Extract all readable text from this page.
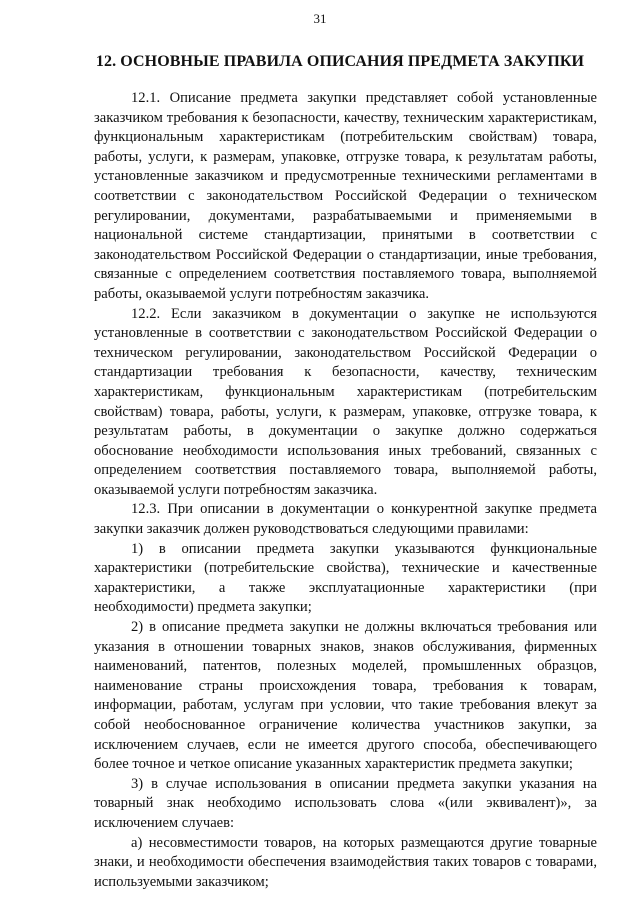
31
12. ОСНОВНЫЕ ПРАВИЛА ОПИСАНИЯ ПРЕДМЕТА ЗАКУПКИ

12.1. Описание предмета закупки представляет собой установленные заказчиком требования к безопасности, качеству, техническим характеристикам, функциональным характеристикам (потребительским свойствам) товара, работы, услуги, к размерам, упаковке, отгрузке товара, к результатам работы, установленные заказчиком и предусмотренные техническими регламентами в соответствии с законодательством Российской Федерации о техническом регулировании, документами, разрабатываемыми и применяемыми в национальной системе стандартизации, принятыми в соответствии с законодательством Российской Федерации о стандартизации, иные требования, связанные с определением соответствия поставляемого товара, выполняемой работы, оказываемой услуги потребностям заказчика.

12.2. Если заказчиком в документации о закупке не используются установленные в соответствии с законодательством Российской Федерации о техническом регулировании, законодательством Российской Федерации о стандартизации требования к безопасности, качеству, техническим характеристикам, функциональным характеристикам (потребительским свойствам) товара, работы, услуги, к размерам, упаковке, отгрузке товара, к результатам работы, в документации о закупке должно содержаться обоснование необходимости использования иных требований, связанных с определением соответствия поставляемого товара, выполняемой работы, оказываемой услуги потребностям заказчика.

12.3. При описании в документации о конкурентной закупке предмета закупки заказчик должен руководствоваться следующими правилами:

1) в описании предмета закупки указываются функциональные характеристики (потребительские свойства), технические и качественные характеристики, а также эксплуатационные характеристики (при необходимости) предмета закупки;

2) в описание предмета закупки не должны включаться требования или указания в отношении товарных знаков, знаков обслуживания, фирменных наименований, патентов, полезных моделей, промышленных образцов, наименование страны происхождения товара, требования к товарам, информации, работам, услугам при условии, что такие требования влекут за собой необоснованное ограничение количества участников закупки, за исключением случаев, если не имеется другого способа, обеспечивающего более точное и четкое описание указанных характеристик предмета закупки;

3) в случае использования в описании предмета закупки указания на товарный знак необходимо использовать слова «(или эквивалент)», за исключением случаев:

а) несовместимости товаров, на которых размещаются другие товарные знаки, и необходимости обеспечения взаимодействия таких товаров с товарами, используемыми заказчиком;
